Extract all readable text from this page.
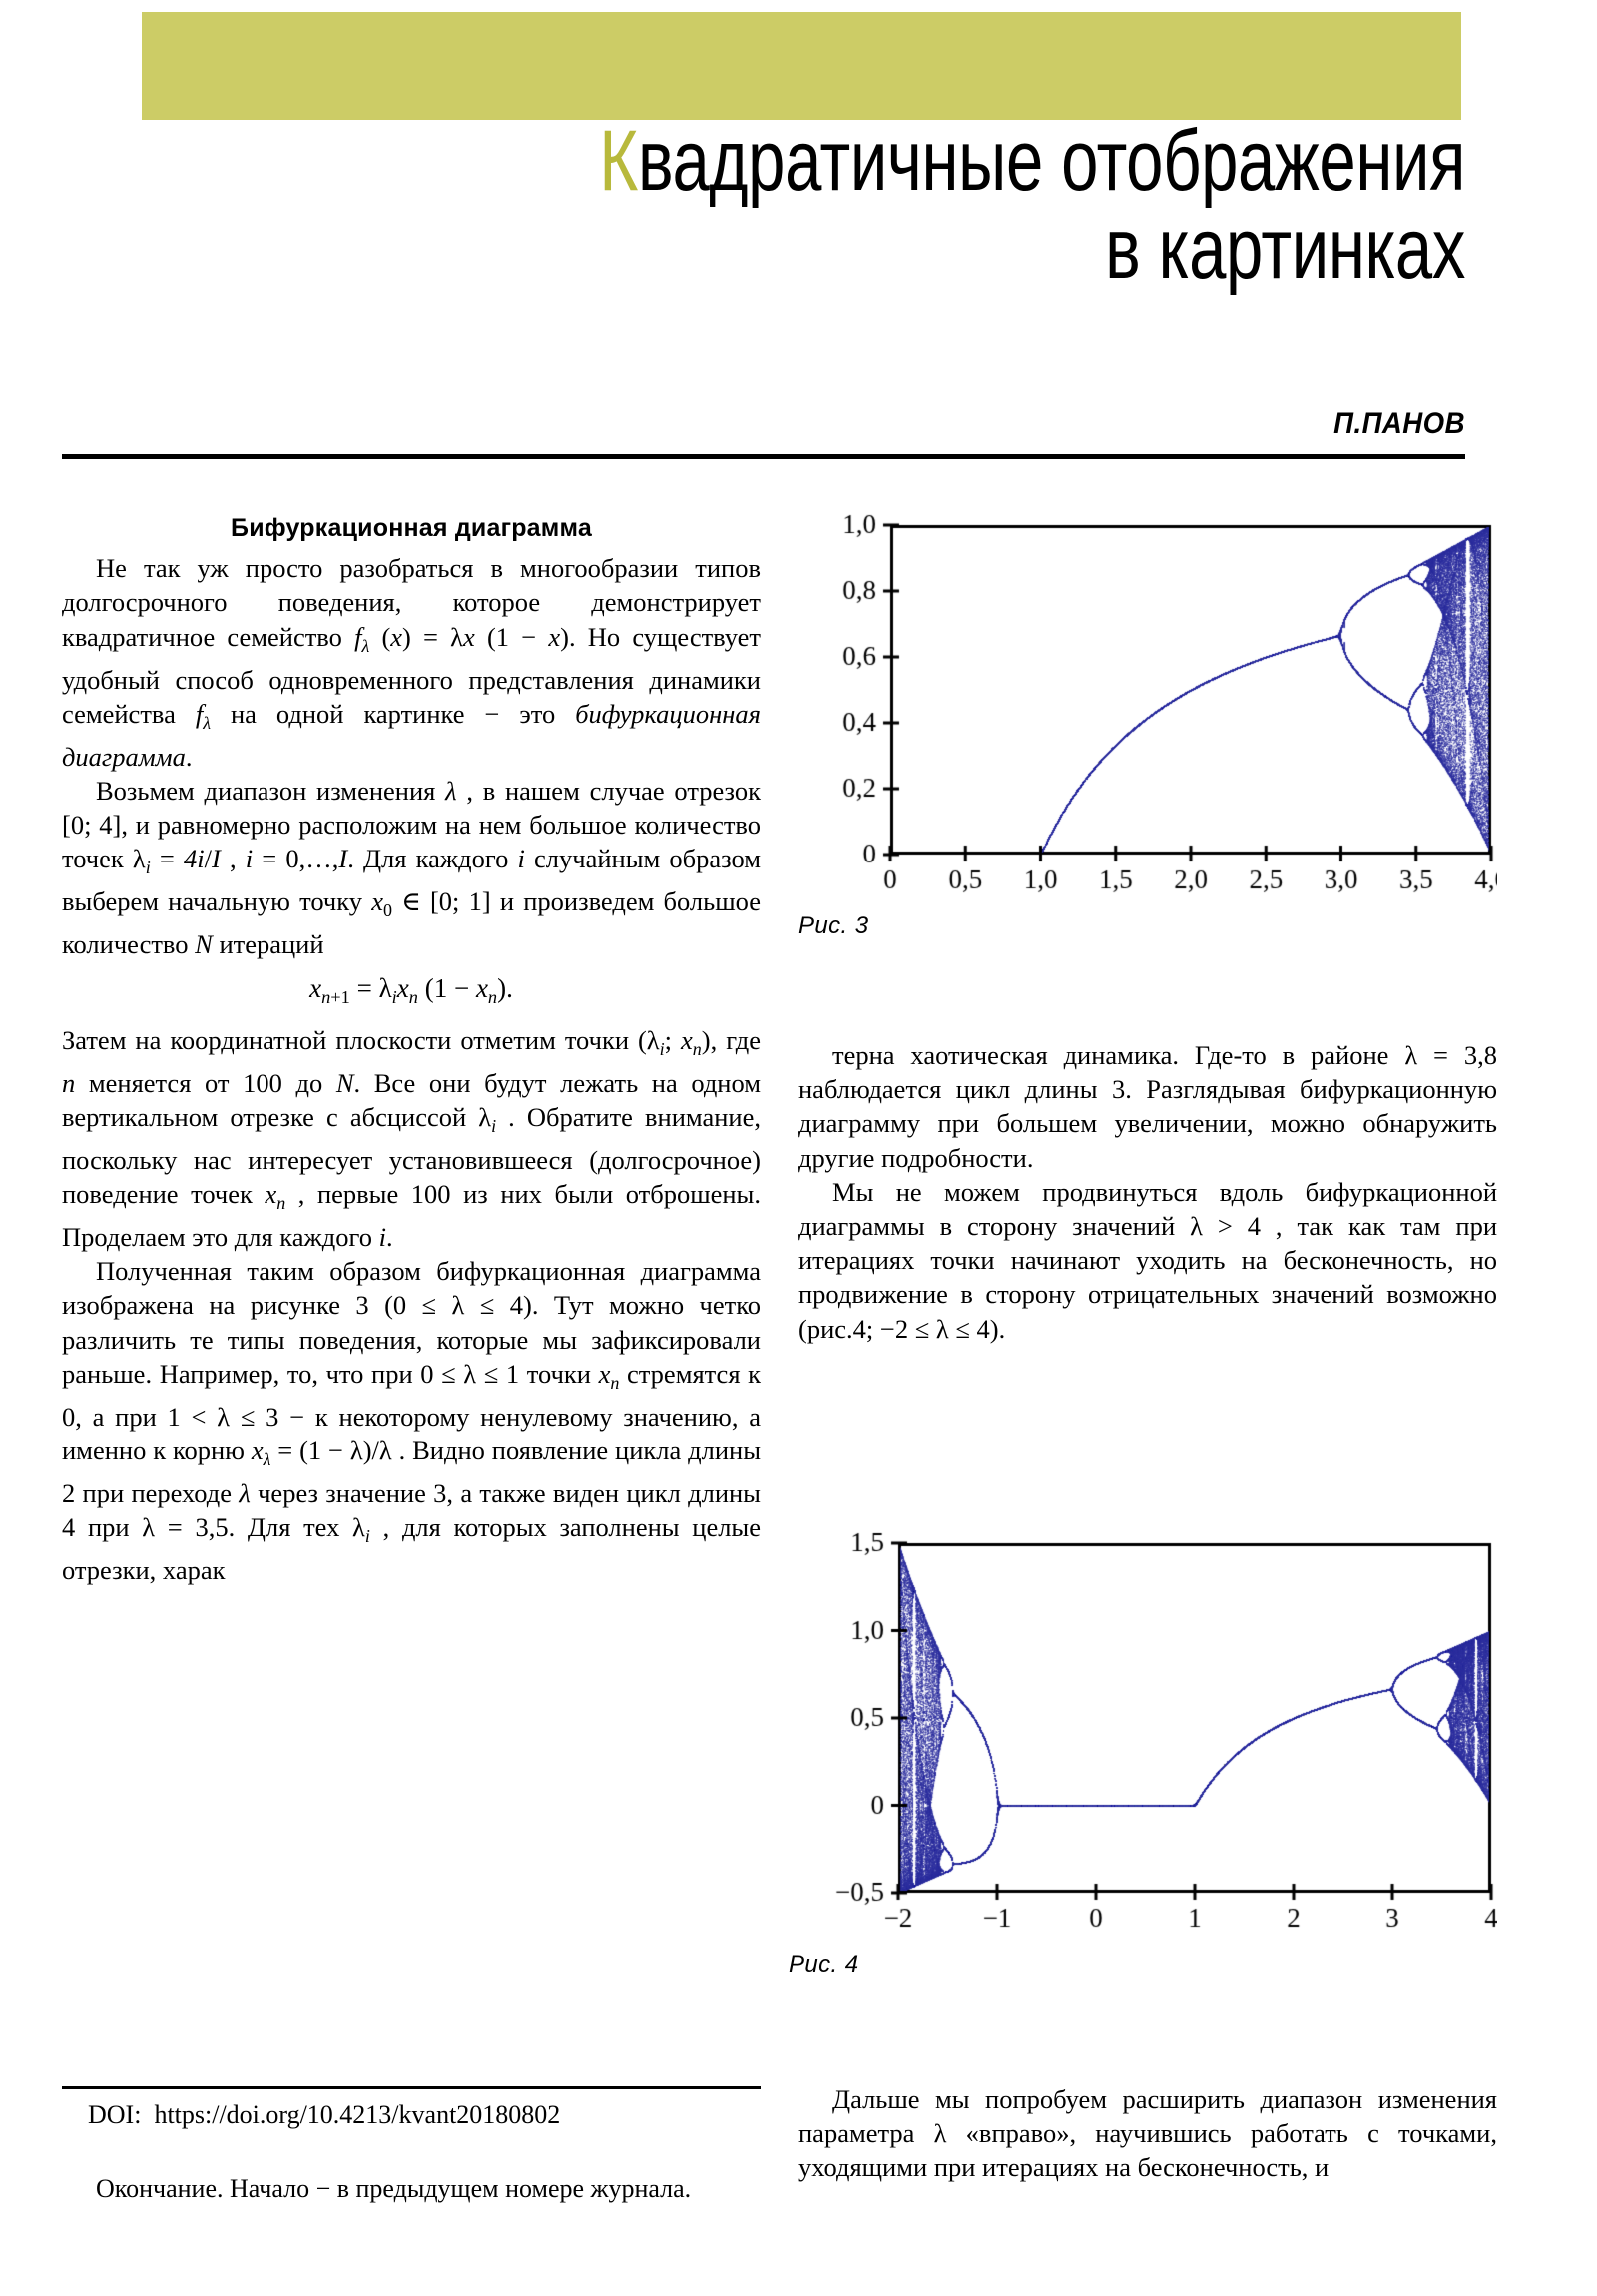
Квадратичные отображения
в картинках
П.ПАНОВ
Бифуркационная диаграмма

Не так уж просто разобраться в многообразии типов долгосрочного поведения, которое демонстрирует квадратичное семейство $f_\lambda$ (x) = λx (1 − x). Но существует удобный способ одновременного представления динамики семейства $f_\lambda$ на одной картинке − это бифуркационная диаграмма.

Возьмем диапазон изменения λ , в нашем случае отрезок [0; 4], и равномерно расположим на нем большое количество точек $\lambda_i = 4i/I$ , i = 0,…,I. Для каждого i случайным образом выберем начальную точку $x_0$ ∈ [0; 1] и произведем большое количество N итераций

$x_{n+1} = \lambda_ix_n$ $(1 - x_n)$.

Затем на координатной плоскости отметим точки ($\lambda_i$; $x_n$), где n меняется от 100 до N. Все они будут лежать на одном вертикальном отрезке с абсциссой $\lambda_i$ . Обратите внимание, поскольку нас интересует установившееся (долгосрочное) поведение точек $x_n$ , первые 100 из них были отброшены. Проделаем это для каждого i.

Полученная таким образом бифуркационная диаграмма изображена на рисунке 3 (0 ≤ λ ≤ 4). Тут можно четко различить те типы поведения, которые мы зафиксировали раньше. Например, то, что при 0 ≤ λ ≤ 1 точки $x_n$ стремятся к 0, а при 1 < λ ≤ 3 − к некоторому ненулевому значению, а именно к корню $x_\lambda = (1 - \lambda)/\lambda$ . Видно появление цикла длины 2 при переходе λ через значение 3, а также виден цикл длины 4 при λ = 3,5. Для тех $\lambda_i$ , для которых заполнены целые отрезки, харак

Рис. 3

терна хаотическая динамика. Где-то в районе λ = 3,8 наблюдается цикл длины 3. Разглядывая бифуркационную диаграмму при большем увеличении, можно обнаружить другие подробности.

Мы не можем продвинуться вдоль бифуркационной диаграммы в сторону значений λ > 4 , так как там при итерациях точки начинают уходить на бесконечность, но продвижение в сторону отрицательных значений возможно (рис.4; −2 ≤ λ ≤ 4).

Рис. 4

Дальше мы попробуем расширить диапазон изменения параметра λ «вправо», научившись работать с точками, уходящими при итерациях на бесконечность, и

DOI: https://doi.org/10.4213/kvant20180802
Окончание. Начало − в предыдущем номере журнала.
